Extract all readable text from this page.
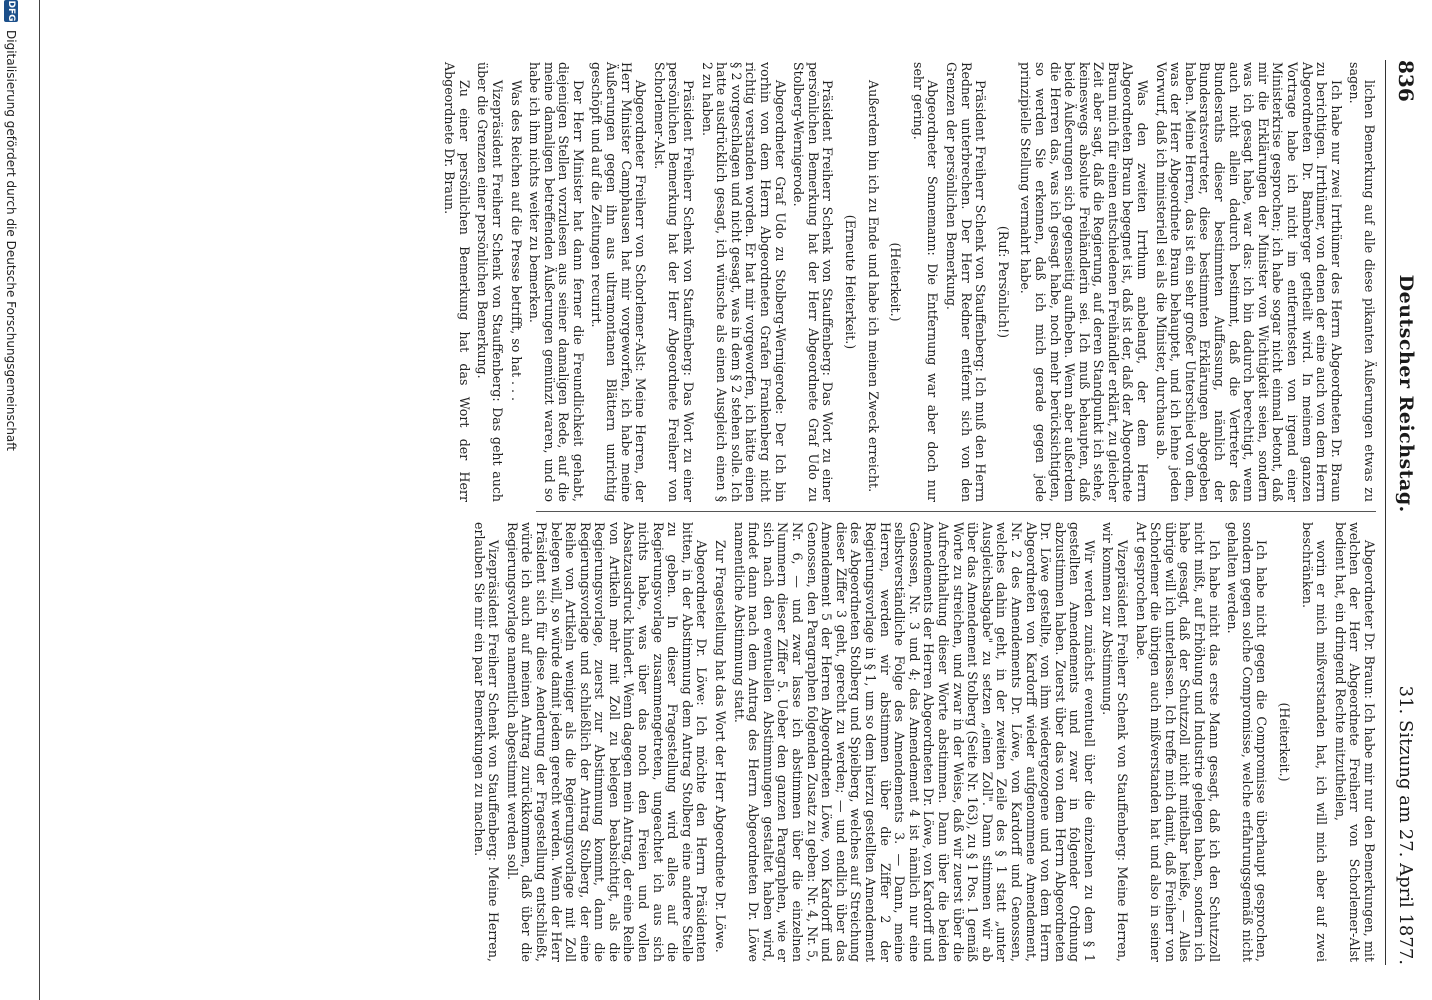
836
Deutscher Reichstag.
31. Sitzung am 27. April 1877.

lichen Bemerkung auf alle diese pikanten Äußerungen etwas zu sagen.

Ich habe nur zwei Irrthümer des Herrn Abgeordneten Dr. Braun zu berichtigen. Irrthümer, von denen der eine auch von dem Herrn Abgeordneten Dr. Bamberger getheilt wird. In meinem ganzen Vortrage habe ich nicht im entferntesten von irgend einer Ministerkrise gesprochen; ich habe sogar nicht einmal betont, daß mir die Erklärungen der Minister von Wichtigkeit seien, sondern was ich gesagt habe, war das: ich bin dadurch berechtigt, wenn auch nicht allein dadurch bestimmt, daß die Vertreter des Bundesraths dieser bestimmten Auffassung, nämlich der Bundesratsvertreter, diese bestimmten Erklärungen abgegeben haben. Meine Herren, das ist ein sehr großer Unterschied von dem, was der Herr Abgeordnete Braun behauptet, und ich lehne jeden Vorwurf, daß ich ministeriell sei als die Minister, durchaus ab.

Was den zweiten Irrthum anbelangt, der dem Herrn Abgeordneten Braun begegnet ist, daß ist der, daß der Abgeordnete Braun mich für einen entschiedenen Freihändler erklärt, zu gleicher Zeit aber sagt, daß die Regierung, auf deren Standpunkt ich stehe, keineswegs absolute Freihändlerin sei. Ich muß behaupten, daß beide Äußerungen sich gegenseitig aufheben. Wenn aber außerdem die Herren das, was ich gesagt habe, noch mehr berücksichtigten, so werden Sie erkennen, daß ich mich gerade gegen jede prinzipielle Stellung vermahrt habe.

(Ruf: Persönlich!)

Präsident Freiherr Schenk von Stauffenberg: Ich muß den Herrn Redner unterbrechen. Der Herr Redner entfernt sich von den Grenzen der persönlichen Bemerkung.

Abgeordneter Sonnemann: Die Entfernung war aber doch nur sehr gering.

(Heiterkeit.)

Außerdem bin ich zu Ende und habe ich meinen Zweck erreicht.

(Erneute Heiterkeit.)

Präsident Freiherr Schenk von Stauffenberg: Das Wort zu einer persönlichen Bemerkung hat der Herr Abgeordnete Graf Udo zu Stolberg-Wernigerode.

Abgeordneter Graf Udo zu Stolberg-Wernigerode: Der Ich bin vorhin von dem Herrn Abgeordneten Grafen Frankenberg nicht richtig verstanden worden. Er hat mir vorgeworfen, ich hätte einen § 2 vorgeschlagen und nicht gesagt, was in dem § 2 stehen solle. Ich hatte ausdrücklich gesagt, ich wünsche als einen Ausgleich einen § 2 zu haben.

Präsident Freiherr Schenk von Stauffenberg: Das Wort zu einer persönlichen Bemerkung hat der Herr Abgeordnete Freiherr von Schorlemer-Alst.

Abgeordneter Freiherr von Schorlemer-Alst: Meine Herren, der Herr Minister Camphausen hat mir vorgeworfen, ich habe meine Äußerungen gegen ihn aus ultramontanen Blättern unrichtig geschöpft und auf die Zeitungen recurirt.

Der Herr Minister hat dann ferner die Freundlichkeit gehabt, diejenigen Stellen vorzulesen aus seiner damaligen Rede, auf die meine damaligen betreffenden Äußerungen gemünzt waren, und so habe ich ihm nichts weiter zu bemerken.

Was des Reichen auf die Presse betrifft, so hat . . .

Vizepräsident Freiherr Schenk von Stauffenberg: Das geht auch über die Grenzen einer persönlichen Bemerkung.

Zu einer persönlichen Bemerkung hat das Wort der Herr Abgeordnete Dr. Braun.

Abgeordneter Dr. Braun: Ich habe mir nur den Bemerkungen, mit welchen der Herr Abgeordnete Freiherr von Schorlemer-Alst bedient hat, ein dringend Rechte mitzutheilen,

worin er mich mißverstanden hat, ich will mich aber auf zwei beschränken.

(Heiterkeit.)

Ich habe nicht gegen die Compromisse überhaupt gesprochen, sondern gegen solche Compromisse, welche erfahrungsgemäß nicht gehalten werden.

Ich habe nicht das erste Mann gesagt, daß ich den Schutzzoll nicht mißt, auf Erhöhung und Industrie gelegen haben, sondern ich habe gesagt, daß der Schutzzoll nicht mittelbar heiße, — Alles übrige will ich unterlassen. Ich treffe mich damit, daß Freiherr von Schorlemer die übrigen auch mißverstanden hat und also in seiner Art gesprochen habe.

Vizepräsident Freiherr Schenk von Stauffenberg: Meine Herren, wir kommen zur Abstimmung.

Wir werden zunächst eventuell über die einzelnen zu dem § 1 gestellten Amendements und zwar in folgender Ordnung abzustimmen haben. Zuerst über das von dem Herrn Abgeordneten Dr. Löwe gestellte, von ihm wiedergezogene und von dem Herrn Abgeordneten von Kardorff wieder aufgenommene Amendement, Nr. 2 des Amendements Dr. Löwe, von Kardorff und Genossen, welches dahin geht, in der zweiten Zeile des § 1 statt „unter Ausgleichsabgabe" zu setzen „einen Zoll". Dann stimmen wir ab über das Amendement Stolberg (Seite Nr. 163), zu § 1 Pos. 1 gemäß Worte zu streichen, und zwar in der Weise, daß wir zuerst über die Aufrechthaltung dieser Worte abstimmen. Dann über die beiden Amendements der Herren Abgeordneten Dr. Löwe, von Kardorff und Genossen, Nr. 3 und 4; das Amendement 4 ist nämlich nur eine selbstverständliche Folge des Amendements 3. — Dann, meine Herren, werden wir abstimmen über die Ziffer 2 der Regierungsvorlage in § 1, um so dem hierzu gestellten Amendement des Abgeordneten Stolberg und Spielberg, welches auf Streichung dieser Ziffer 3 geht, gerecht zu werden; — und endlich über das Amendement 5 der Herren Abgeordneten Löwe, von Kardorff und Genossen, den Paragraphen folgenden Zusatz zu geben: Nr. 4, Nr. 5, Nr. 6, — und zwar lasse ich abstimmen über die einzelnen Nummern dieser Ziffer 5. Ueber den ganzen Paragraphen, wie er sich nach den eventuellen Abstimmungen gestaltet haben wird, findet dann nach dem Antrag des Herrn Abgeordneten Dr. Löwe namentliche Abstimmung statt.

Zur Fragestellung hat das Wort der Herr Abgeordnete Dr. Löwe.

Abgeordneter Dr. Löwe: Ich möchte den Herrn Präsidenten bitten, in der Abstimmung dem Antrag Stolberg eine andere Stelle zu geben. In dieser Fragestellung wird alles auf die Regierungsvorlage zusammengetreten, ungeachtet ich aus sich nichts habe, was über das noch den Freien und vollen Absatzausdruck hindert. Wenn dagegen mein Antrag, der eine Reihe von Artikeln mehr mit Zoll zu belegen beabsichtigt, als die Regierungsvorlage, zuerst zur Abstimmung kommt, dann die Regierungsvorlage und schließlich der Antrag Stolberg, der eine Reihe von Artikeln weniger als die Regierungsvorlage mit Zoll belegen will, so würde damit jedem gerecht werden. Wenn der Herr Präsident sich für diese Aenderung der Fragestellung entschließt, würde ich auch auf meinen Antrag zurückkommen, daß über die Regierungsvorlage namentlich abgestimmt werden soll.

Vizepräsident Freiherr Schenk von Stauffenberg: Meine Herren, erlauben Sie mir ein paar Bemerkungen zu machen.

DFG
Digitalisierung gefördert durch die Deutsche Forschungsgemeinschaft
